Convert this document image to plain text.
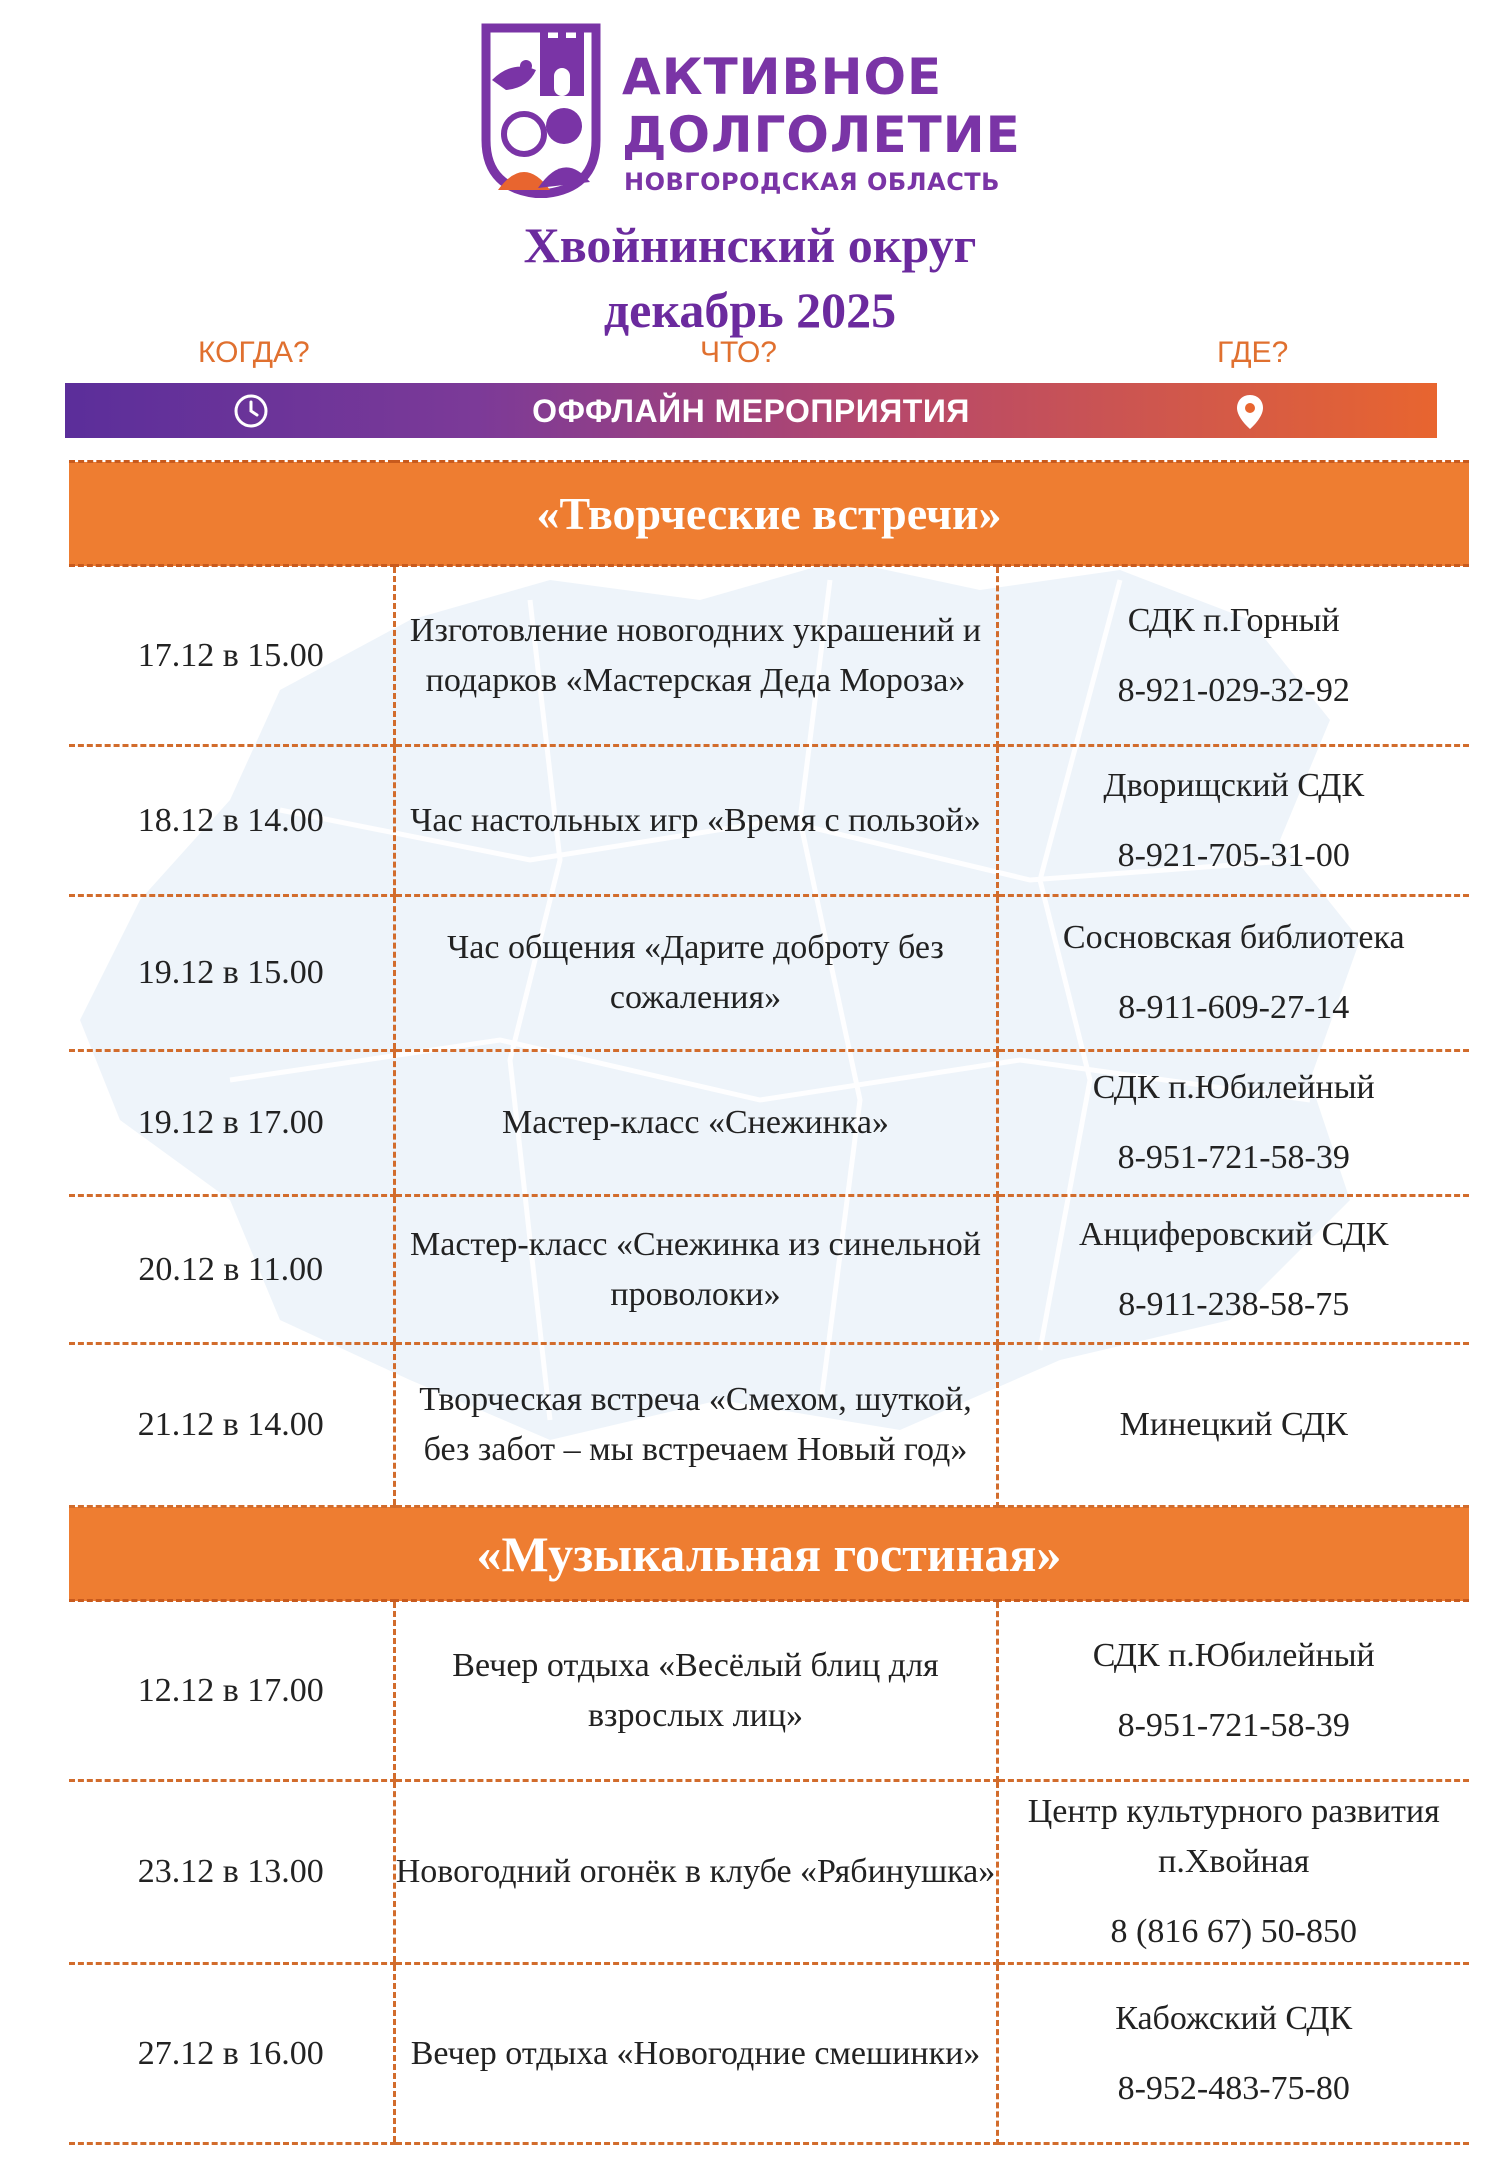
АКТИВНОЕ
ДОЛГОЛЕТИЕ
НОВГОРОДСКАЯ ОБЛАСТЬ
Хвойнинский округ
декабрь 2025
КОГДА?	ЧТО?	ГДЕ?
ОФФЛАЙН МЕРОПРИЯТИЯ
«Творческие встречи»		
17.12 в 15.00	Изготовление новогодних украшений и подарков «Мастерская Деда Мороза»	СДК п.Горный
8-921-029-32-92

18.12 в 14.00	Час настольных игр «Время с пользой»	Дворищский СДК
8-921-705-31-00

19.12 в 15.00	Час общения «Дарите доброту без сожаления»	Сосновская библиотека
8-911-609-27-14

19.12 в 17.00	Мастер-класс «Снежинка»	СДК п.Юбилейный
8-951-721-58-39

20.12 в 11.00	Мастер-класс «Снежинка из синельной проволоки»	Анциферовский СДК
8-911-238-58-75

21.12 в 14.00	Творческая встреча «Смехом, шуткой, без забот – мы встречаем Новый год»	Минецкий СДК
«Музыкальная гостиная»		
12.12 в 17.00	Вечер отдыха «Весёлый блиц для взрослых лиц»	СДК п.Юбилейный
8-951-721-58-39

23.12 в 13.00	Новогодний огонёк в клубе «Рябинушка»	Центр культурного развития п.Хвойная
8 (816 67) 50-850

27.12 в 16.00	Вечер отдыха «Новогодние смешинки»	Кабожский СДК
8-952-483-75-80
